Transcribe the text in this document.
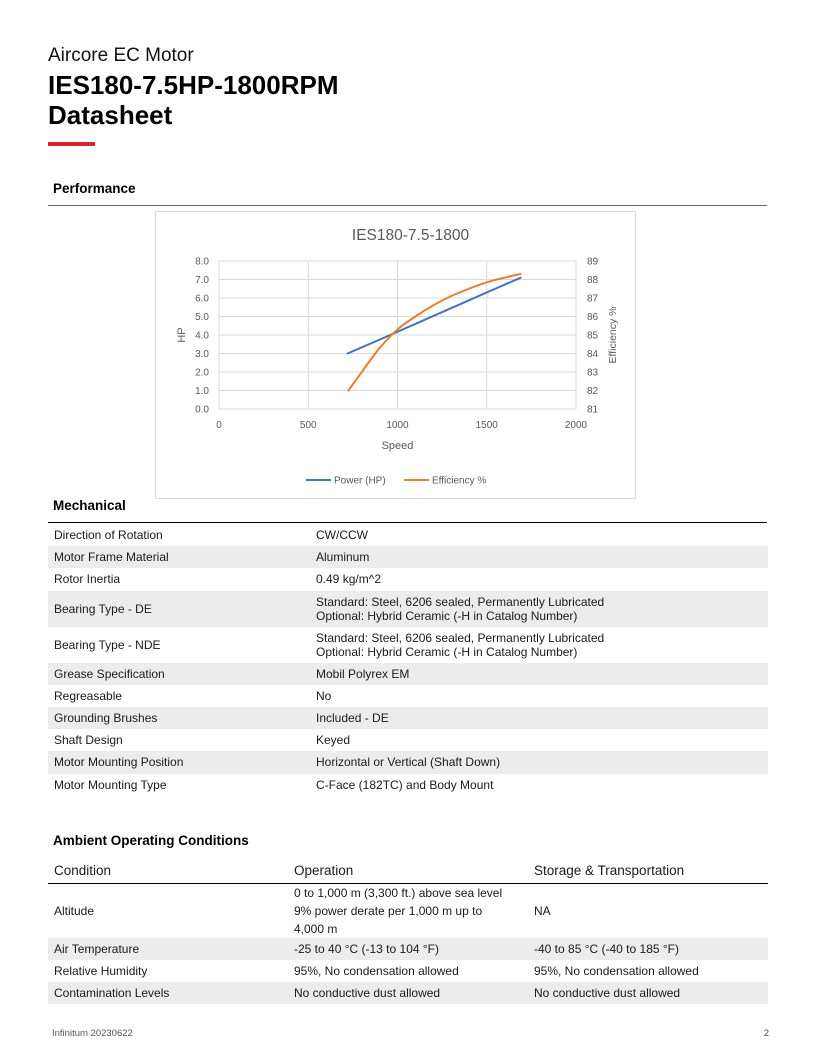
Aircore EC Motor
IES180-7.5HP-1800RPM
Datasheet
Performance
IES180-7.5-1800
0.0
1.0
2.0
3.0
4.0
5.0
6.0
7.0
8.0
81
82
83
84
85
86
87
88
89
0	500	1000	1500	2000
Speed
HP	Efficiency %
Power (HP)	Efficiency %
Mechanical
Direction of Rotation	CW/CCW

Motor Frame Material	Aluminum

Rotor Inertia	0.49 kg/m^2

Bearing Type - DE	Standard: Steel, 6206 sealed, Permanently Lubricated
Optional: Hybrid Ceramic (-H in Catalog Number)

Bearing Type - NDE	Standard: Steel, 6206 sealed, Permanently Lubricated
Optional: Hybrid Ceramic (-H in Catalog Number)

Grease Specification	Mobil Polyrex EM

Regreasable	No

Grounding Brushes	Included - DE

Shaft Design	Keyed

Motor Mounting Position	Horizontal or Vertical (Shaft Down)

Motor Mounting Type	C-Face (182TC) and Body Mount
Ambient Operating Conditions
Condition	Operation	Storage & Transportation
Altitude	0 to 1,000 m (3,300 ft.) above sea level
9% power derate per 1,000 m up to
4,000 m	NA
Air Temperature	-25 to 40 °C (-13 to 104 °F)	-40 to 85 °C (-40 to 185 °F)
Relative Humidity	95%, No condensation allowed	95%, No condensation allowed
Contamination Levels	No conductive dust allowed	No conductive dust allowed
Infinitum 20230622	2
